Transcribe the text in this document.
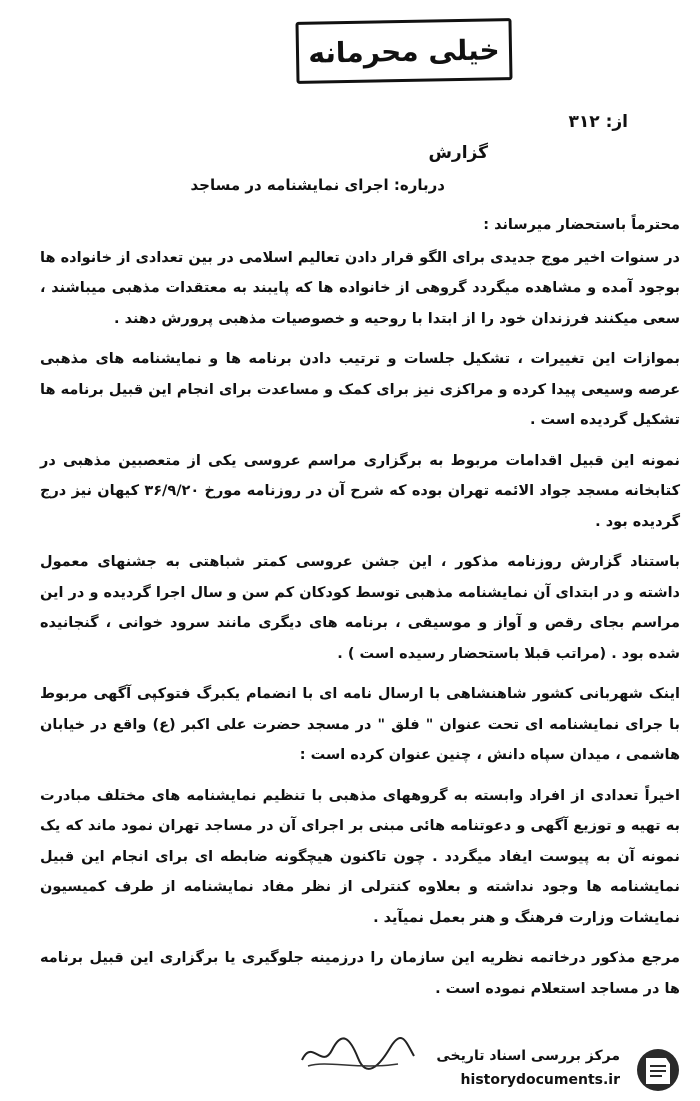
خیلی محرمانه
از: ۳۱۲
گزارش
درباره: اجرای نمایشنامه در مساجد

محترماً باستحضار میرساند :

در سنوات اخیر موج جدیدی برای الگو قرار دادن تعالیم اسلامی در بین تعدادی از خانواده ها بوجود آمده و مشاهده میگردد گروهی از خانواده ها که پایبند به معتقدات مذهبی میباشند ، سعی میکنند فرزندان خود را از ابتدا با روحیه و خصوصیات مذهبی پرورش دهند .

بموازات این تغییرات ، تشکیل جلسات و ترتیب دادن برنامه ها و نمایشنامه های مذهبی عرصه وسیعی پیدا کرده و مراکزی نیز برای کمک و مساعدت برای انجام این قبیل برنامه ها تشکیل گردیده است .

نمونه این قبیل اقدامات مربوط به برگزاری مراسم عروسی یکی از متعصبین مذهبی در کتابخانه مسجد جواد الائمه تهران بوده که شرح آن در روزنامه مورخ ۳۶/۹/۲۰ کیهان نیز درج گردیده بود .

باستناد گزارش روزنامه مذکور ، این جشن عروسی کمتر شباهتی به جشنهای معمول داشته و در ابتدای آن نمایشنامه مذهبی توسط کودکان کم سن و سال اجرا گردیده و در این مراسم بجای رقص و آواز و موسیقی ، برنامه های دیگری مانند سرود خوانی ، گنجانیده شده بود . (مراتب قبلا باستحضار رسیده است ) .

اینک شهربانی کشور شاهنشاهی با ارسال نامه ای با انضمام یکبرگ فتوکپی آگهی مربوط با جرای نمایشنامه ای تحت عنوان " فلق " در مسجد حضرت علی اکبر (ع) واقع در خیابان هاشمی ، میدان سپاه دانش ، چنین عنوان کرده است :

اخیراً تعدادی از افراد وابسته به گروههای مذهبی با تنظیم نمایشنامه های مختلف مبادرت به تهیه و توزیع آگهی و دعوتنامه هائی مبنی بر اجرای آن در مساجد تهران نمود ماند که یک نمونه آن به پیوست ایفاد میگردد . چون تاکنون هیچگونه ضابطه ای برای انجام این قبیل نمایشنامه ها وجود نداشته و بعلاوه کنترلی از نظر مفاد نمایشنامه از طرف کمیسیون نمایشات وزارت فرهنگ و هنر بعمل نمیآید .

مرجع مذکور درخاتمه نظریه این سازمان را درزمینه جلوگیری یا برگزاری این قبیل برنامه ها در مساجد استعلام نموده است .

مرکز بررسی اسناد تاریخی
historydocuments.ir
